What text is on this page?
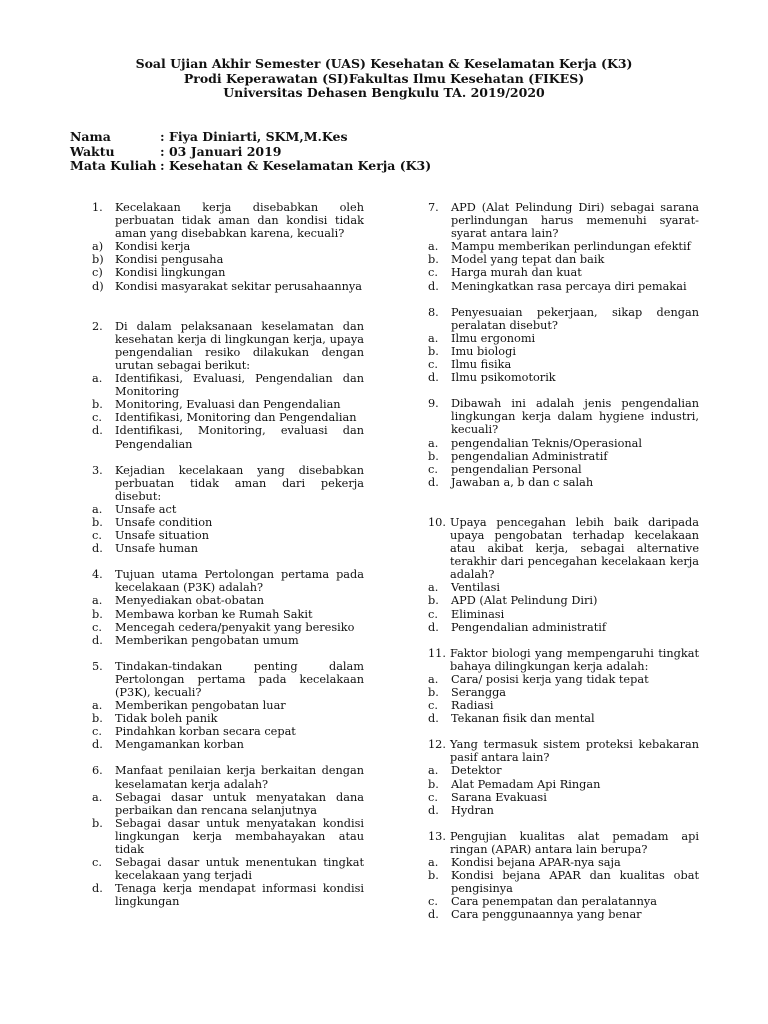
Soal Ujian Akhir Semester (UAS) Kesehatan & Keselamatan Kerja (K3)
Prodi Keperawatan (SI)Fakultas Ilmu Kesehatan (FIKES)
Universitas Dehasen Bengkulu TA. 2019/2020
Nama	: Fiya Diniarti, SKM,M.Kes
Waktu	: 03 Januari 2019
Mata Kuliah : Kesehatan & Keselamatan Kerja (K3)
1.	Kecelakaan kerja disebabkan oleh perbuatan tidak aman dan kondisi tidak aman yang disebabkan karena, kecuali?
a)	Kondisi kerja
b)	Kondisi pengusaha
c)	Kondisi lingkungan
d)	Kondisi masyarakat sekitar perusahaannya
2.	Di dalam pelaksanaan keselamatan dan kesehatan kerja di lingkungan kerja, upaya pengendalian resiko dilakukan dengan urutan sebagai berikut:
a.	Identifikasi, Evaluasi, Pengendalian dan Monitoring
b.	Monitoring, Evaluasi dan Pengendalian
c.	Identifikasi, Monitoring dan Pengendalian
d.	Identifikasi, Monitoring, evaluasi dan Pengendalian
3.	Kejadian kecelakaan yang disebabkan perbuatan tidak aman dari pekerja disebut:
a.	Unsafe act
b.	Unsafe condition
c.	Unsafe situation
d.	Unsafe human
4.	Tujuan utama Pertolongan pertama pada kecelakaan (P3K) adalah?
a.	Menyediakan obat-obatan
b.	Membawa korban ke Rumah Sakit
c.	Mencegah cedera/penyakit yang beresiko
d.	Memberikan pengobatan umum
5.	Tindakan-tindakan penting dalam Pertolongan pertama pada kecelakaan (P3K), kecuali?
a.	Memberikan pengobatan luar
b.	Tidak boleh panik
c.	Pindahkan korban secara cepat
d.	Mengamankan korban
6.	Manfaat penilaian kerja berkaitan dengan keselamatan kerja adalah?
a.	Sebagai dasar untuk menyatakan dana perbaikan dan rencana selanjutnya
b.	Sebagai dasar untuk menyatakan kondisi lingkungan kerja membahayakan atau tidak
c.	Sebagai dasar untuk menentukan tingkat kecelakaan yang terjadi
d.	Tenaga kerja mendapat informasi kondisi lingkungan
7.	APD (Alat Pelindung Diri) sebagai sarana perlindungan harus memenuhi syarat-syarat antara lain?
a.	Mampu memberikan perlindungan efektif
b.	Model yang tepat dan baik
c.	Harga murah dan kuat
d.	Meningkatkan rasa percaya diri pemakai
8.	Penyesuaian pekerjaan, sikap dengan peralatan disebut?
a.	Ilmu ergonomi
b.	Imu biologi
c.	Ilmu fisika
d.	Ilmu psikomotorik
9.	Dibawah ini adalah jenis pengendalian lingkungan kerja dalam hygiene industri, kecuali?
a.	pengendalian Teknis/Operasional
b.	pengendalian Administratif
c.	pengendalian Personal
d.	Jawaban a, b dan c salah
10. Upaya pencegahan lebih baik daripada upaya pengobatan terhadap kecelakaan atau akibat kerja, sebagai alternative terakhir dari pencegahan kecelakaan kerja adalah?
a.	Ventilasi
b.	APD (Alat Pelindung Diri)
c.	Eliminasi
d.	Pengendalian administratif
11. Faktor biologi yang mempengaruhi tingkat bahaya dilingkungan kerja adalah:
a.	Cara/ posisi kerja yang tidak tepat
b.	Serangga
c.	Radiasi
d.	Tekanan fisik dan mental
12. Yang termasuk sistem proteksi kebakaran pasif antara lain?
a.	Detektor
b.	Alat Pemadam Api Ringan
c.	Sarana Evakuasi
d.	Hydran
13. Pengujian kualitas alat pemadam api ringan (APAR) antara lain berupa?
a.	Kondisi bejana APAR-nya saja
b.	Kondisi bejana APAR dan kualitas obat pengisinya
c.	Cara penempatan dan peralatannya
d.	Cara penggunaannya yang benar
